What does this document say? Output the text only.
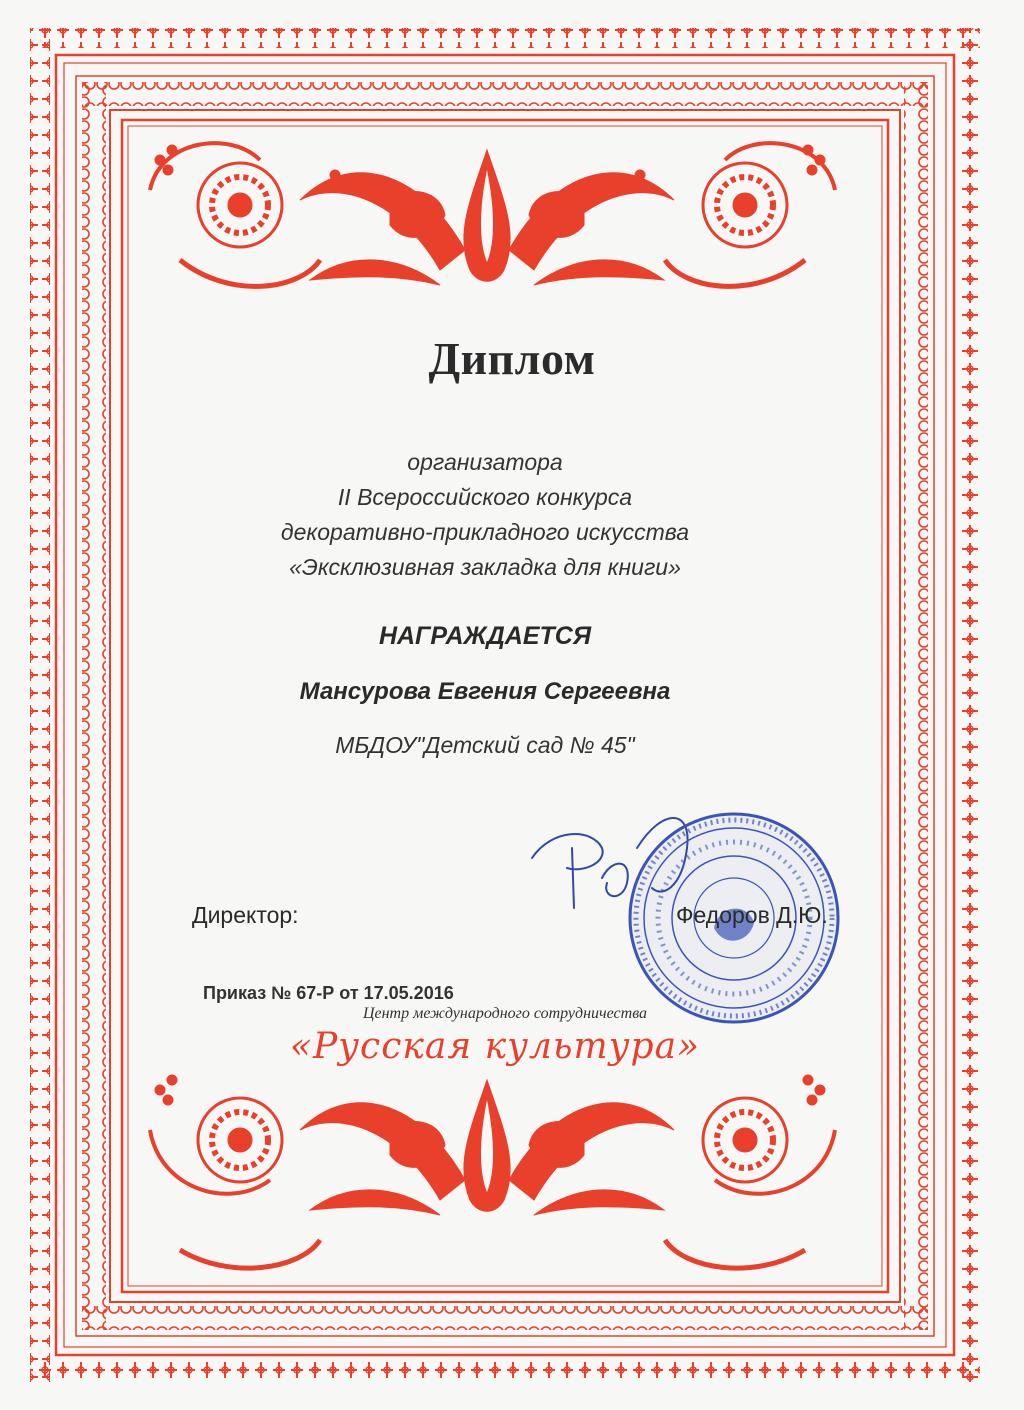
Диплом
организатора
II Всероссийского конкурса
декоративно-прикладного искусства
«Эксклюзивная закладка для книги»
НАГРАЖДАЕТСЯ
Мансурова Евгения Сергеевна
МБДОУ"Детский сад № 45"
Директор:	Федоров Д.Ю.
Приказ № 67-Р от 17.05.2016
Центр международного сотрудничества
«Русская культура»
